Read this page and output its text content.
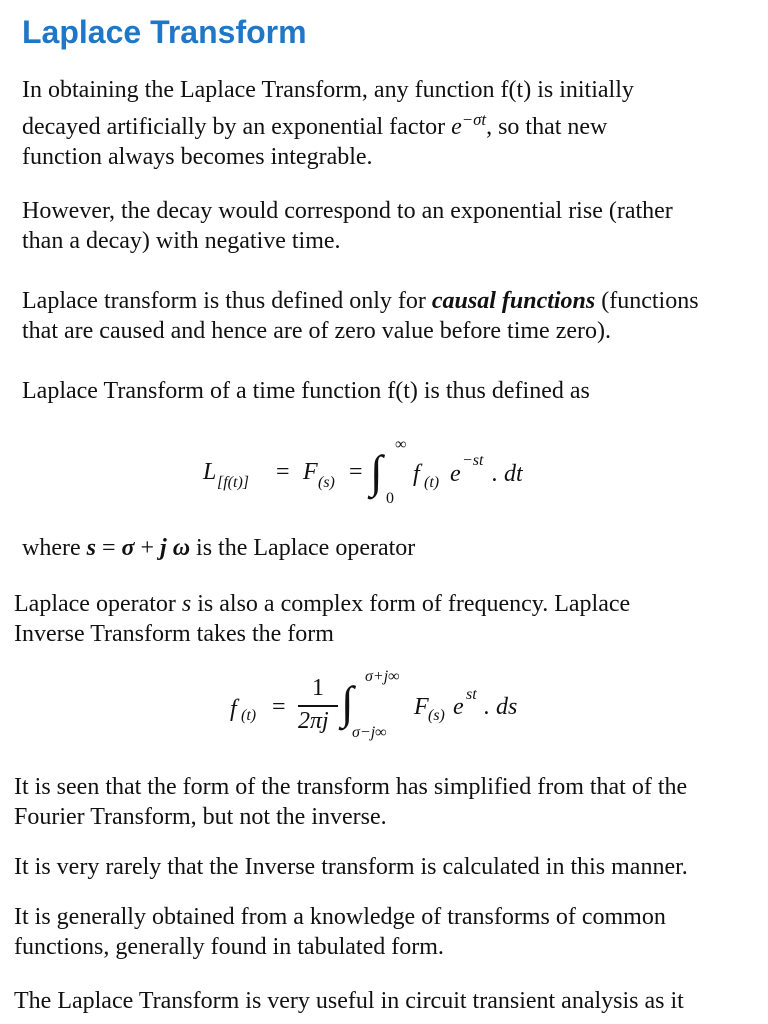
Laplace Transform

In obtaining the Laplace Transform, any function f(t) is initially
decayed artificially by an exponential factor $e^{-\sigma t}$, so that new
function always becomes integrable.

However, the decay would correspond to an exponential rise (rather
than a decay) with negative time.

Laplace transform is thus defined only for causal functions (functions
that are caused and hence are of zero value before time zero).

Laplace Transform of a time function f(t) is thus defined as

L [f(t)] = F (s) = ∫
∞
0
f (t) e
−st
. dt

where s = σ + j ω is the Laplace operator

Laplace operator s is also a complex form of frequency. Laplace
Inverse Transform takes the form

f (t) =
1
2πj ∫
σ+j∞
σ−j∞
F (s) e st . ds

It is seen that the form of the transform has simplified from that of the
Fourier Transform, but not the inverse.

It is very rarely that the Inverse transform is calculated in this manner.

It is generally obtained from a knowledge of transforms of common
functions, generally found in tabulated form.

The Laplace Transform is very useful in circuit transient analysis as it
